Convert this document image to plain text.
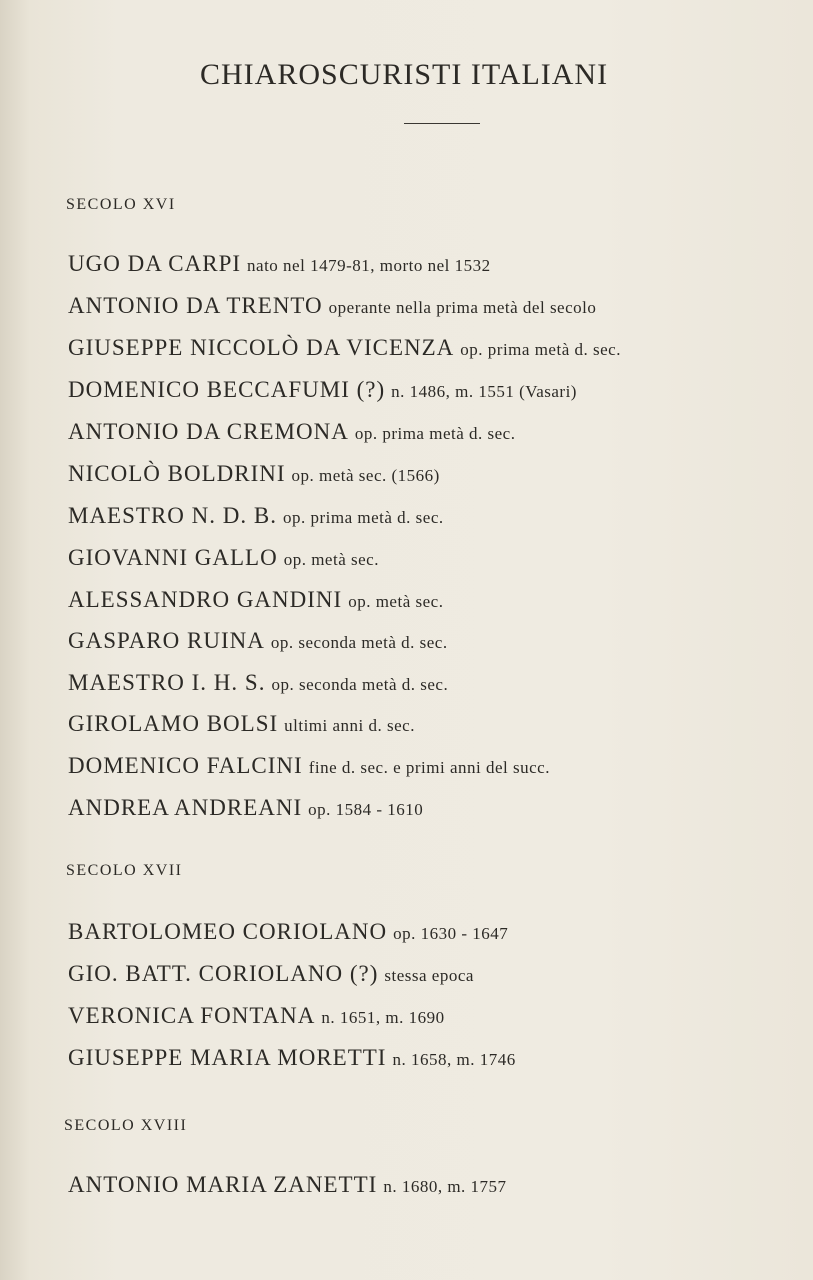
CHIAROSCURISTI ITALIANI
SECOLO XVI
UGO DA CARPI nato nel 1479-81, morto nel 1532
ANTONIO DA TRENTO operante nella prima metà del secolo
GIUSEPPE NICCOLÒ DA VICENZA op. prima metà d. sec.
DOMENICO BECCAFUMI (?) n. 1486, m. 1551 (Vasari)
ANTONIO DA CREMONA op. prima metà d. sec.
NICOLÒ BOLDRINI op. metà sec. (1566)
MAESTRO N. D. B. op. prima metà d. sec.
GIOVANNI GALLO op. metà sec.
ALESSANDRO GANDINI op. metà sec.
GASPARO RUINA op. seconda metà d. sec.
MAESTRO I. H. S. op. seconda metà d. sec.
GIROLAMO BOLSI ultimi anni d. sec.
DOMENICO FALCINI fine d. sec. e primi anni del succ.
ANDREA ANDREANI op. 1584 - 1610
SECOLO XVII
BARTOLOMEO CORIOLANO op. 1630 - 1647
GIO. BATT. CORIOLANO (?) stessa epoca
VERONICA FONTANA n. 1651, m. 1690
GIUSEPPE MARIA MORETTI n. 1658, m. 1746
SECOLO XVIII
ANTONIO MARIA ZANETTI n. 1680, m. 1757
